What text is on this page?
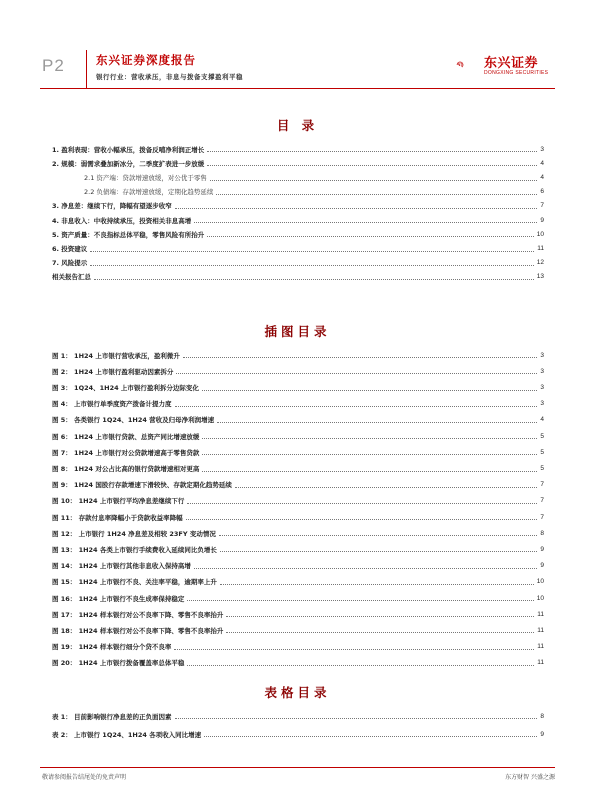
P2	东兴证券深度报告
银行行业：营收承压，非息与拨备支撑盈利平稳
东兴证券
DONGXING SECURITIES
目 录
1. 盈利表现：营收小幅承压，拨备反哺净利润正增长	3
2. 规模：弱需求叠加新冰分，二季度扩表进一步放缓	4
2.1 资产端：贷款增速放缓，对公优于零售	4
2.2 负债端：存款增速放缓，定期化趋势延续	6
3. 净息差：继续下行，降幅有望逐步收窄	7
4. 非息收入：中收持续承压，投资相关非息高增	9
5. 资产质量：不良指标总体平稳，零售风险有所抬升	10
6. 投资建议	11
7. 风险提示	12
相关报告汇总	13
插图目录
图 1： 1H24 上市银行营收承压，盈利微升	3
图 2： 1H24 上市银行盈利驱动因素拆分	3
图 3： 1Q24、1H24 上市银行盈利拆分边际变化	3
图 4： 上市银行单季度资产拨备计提力度	3
图 5： 各类银行 1Q24、1H24 营收及归母净利润增速	4
图 6： 1H24 上市银行贷款、总资产同比增速放缓	5
图 7： 1H24 上市银行对公贷款增速高于零售贷款	5
图 8： 1H24 对公占比高的银行贷款增速相对更高	5
图 9： 1H24 国股行存款增速下滑较快、存款定期化趋势延续	7
图 10： 1H24 上市银行平均净息差继续下行	7
图 11： 存款付息率降幅小于贷款收益率降幅	7
图 12： 上市银行 1H24 净息差及相较 23FY 变动情况	8
图 13： 1H24 各类上市银行手续费收入延续同比负增长	9
图 14： 1H24 上市银行其他非息收入保持高增	9
图 15： 1H24 上市银行不良、关注率平稳，逾期率上升	10
图 16： 1H24 上市银行不良生成率保持稳定	10
图 17： 1H24 样本银行对公不良率下降、零售不良率抬升	11
图 18： 1H24 样本银行对公不良率下降、零售不良率抬升	11
图 19： 1H24 样本银行细分个贷不良率	11
图 20： 1H24 上市银行拨备覆盖率总体平稳	11
表格目录
表 1： 目前影响银行净息差的正负面因素	8
表 2： 上市银行 1Q24、1H24 各项收入同比增速	9
敬请参阅报告结尾处的免责声明	东方财智 兴盛之源
